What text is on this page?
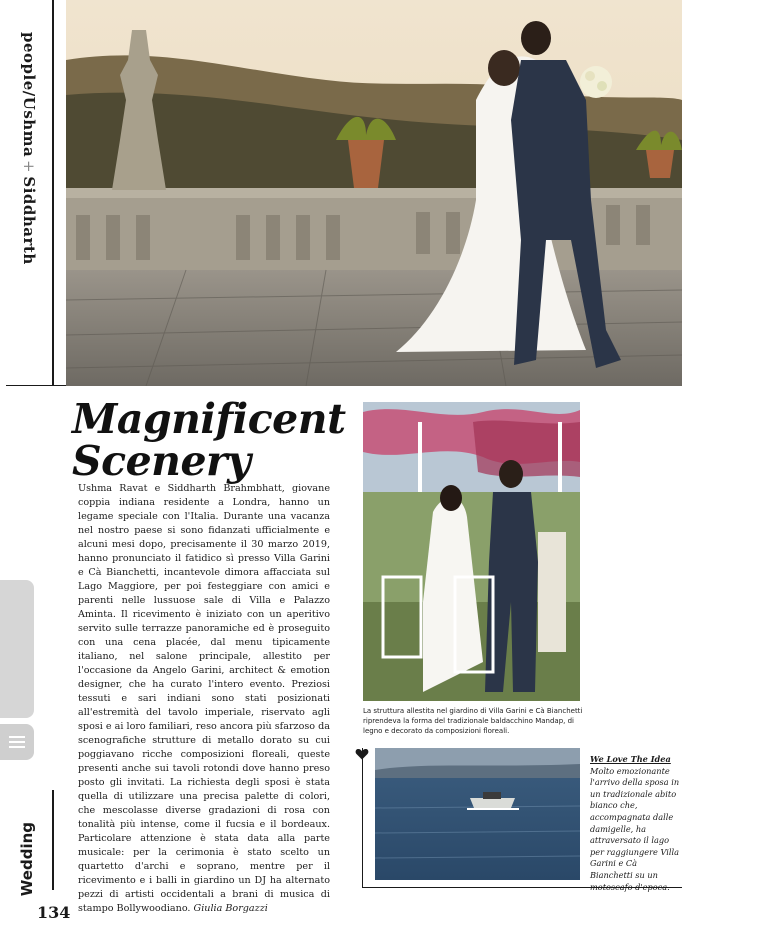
people/Ushma+Siddharth
Wedding
134
Magnificent
Scenery
Ushma Ravat e Siddharth Brahmbhatt, giovane coppia indiana residente a Londra, hanno un legame speciale con l'Italia. Durante una vacanza nel nostro paese si sono fidanzati ufficialmente e alcuni mesi dopo, precisamente il 30 marzo 2019, hanno pronunciato il fatidico sì presso Villa Garini e Cà Bianchetti, incantevole dimora affacciata sul Lago Maggiore, per poi festeggiare con amici e parenti nelle lussuose sale di Villa e Palazzo Aminta. Il ricevimento è iniziato con un aperitivo servito sulle terrazze panoramiche ed è proseguito con una cena placée, dal menu tipicamente italiano, nel salone principale, allestito per l'occasione da Angelo Garini, architect & emotion designer, che ha curato l'intero evento. Preziosi tessuti e sari indiani sono stati posizionati all'estremità del tavolo imperiale, riservato agli sposi e ai loro familiari, reso ancora più sfarzoso da scenografiche strutture di metallo dorato su cui poggiavano ricche composizioni floreali, queste presenti anche sui tavoli rotondi dove hanno preso posto gli invitati. La richiesta degli sposi è stata quella di utilizzare una precisa palette di colori, che mescolasse diverse gradazioni di rosa con tonalità più intense, come il fucsia e il bordeaux. Particolare attenzione è stata data alla parte musicale: per la cerimonia è stato scelto un quartetto d'archi e soprano, mentre per il ricevimento e i balli in giardino un DJ ha alternato pezzi di artisti occidentali a brani di musica di stampo Bollywoodiano. Giulia Borgazzi
La struttura allestita nel giardino di Villa Garini e Cà Bianchetti riprendeva la forma del tradizionale baldacchino Mandap, di legno e decorato da composizioni floreali.
We Love The Idea
Molto emozionante l'arrivo della sposa in un tradizionale abito bianco che, accompagnata dalle damigelle, ha attraversato il lago per raggiungere Villa Garini e Cà Bianchetti su un motoscafo d'epoca.
